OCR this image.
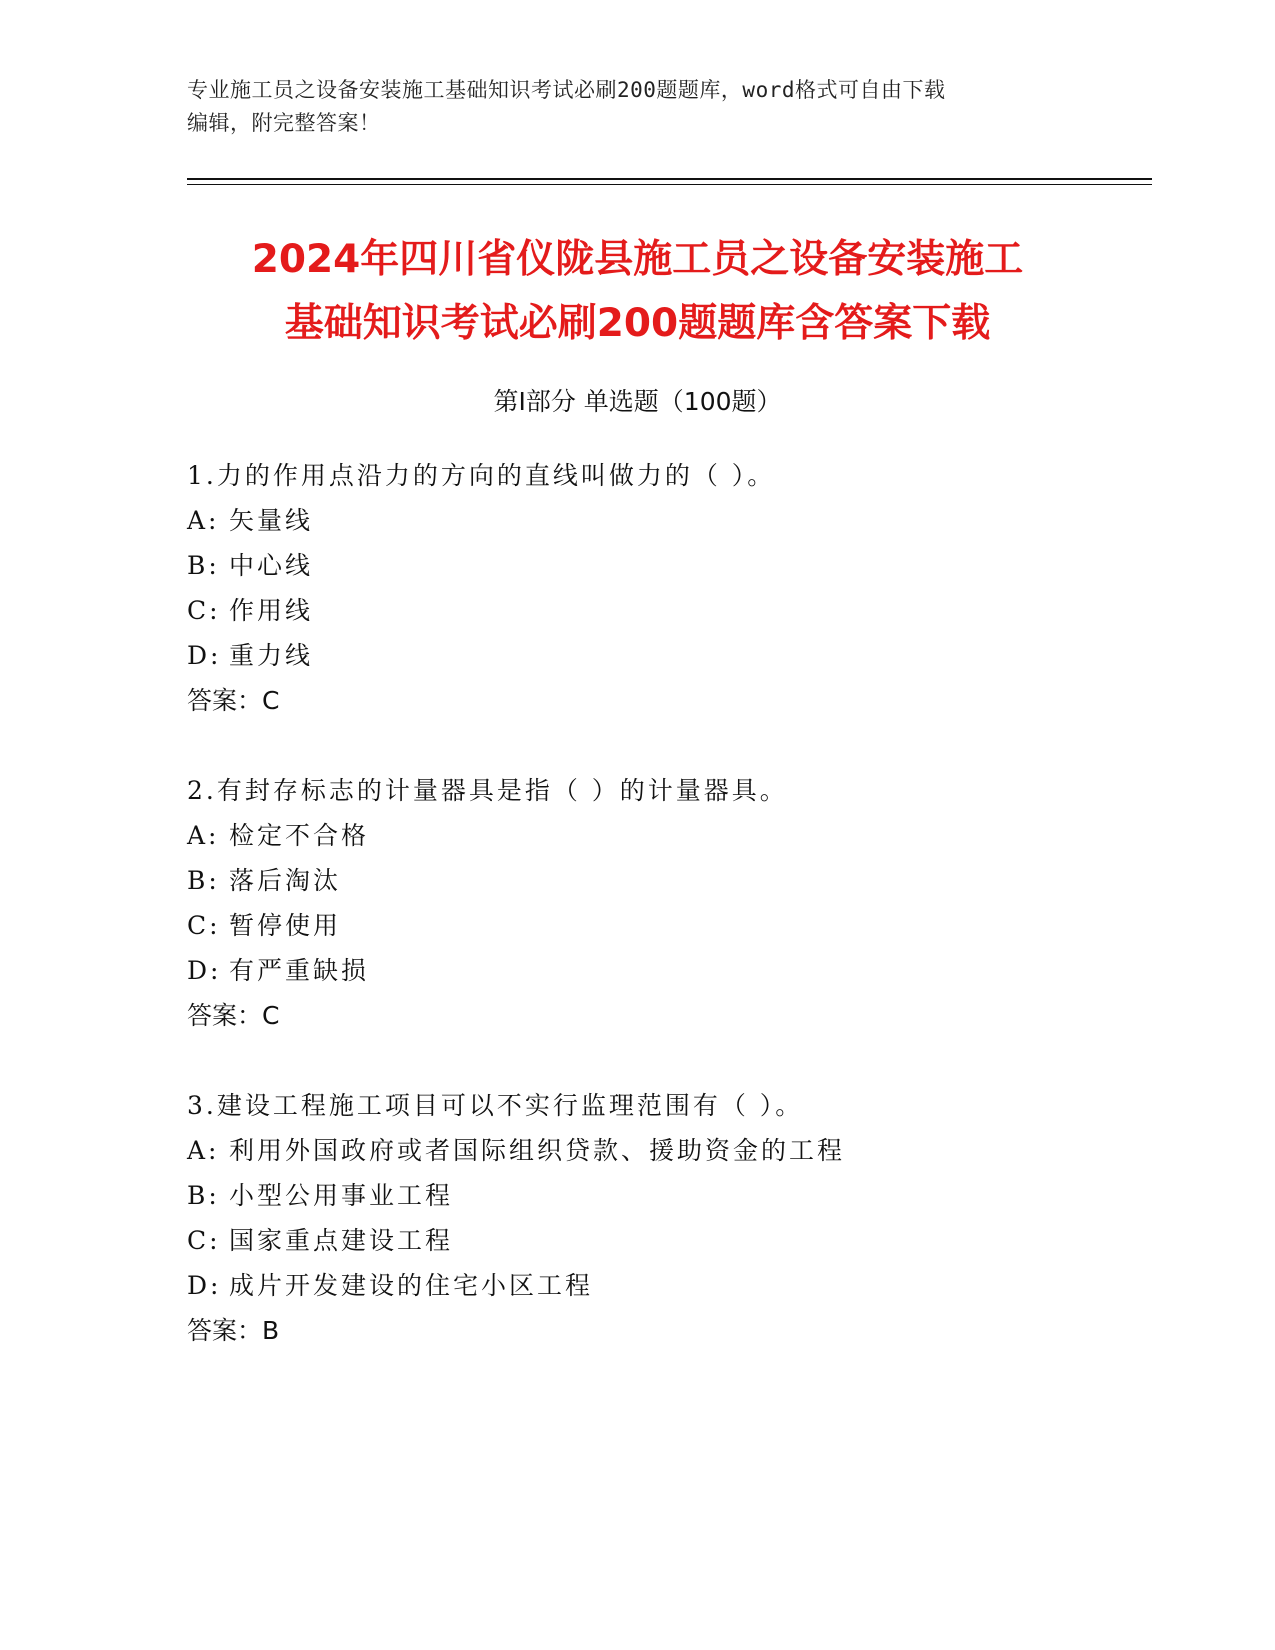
专业施工员之设备安装施工基础知识考试必刷200题题库，word格式可自由下载
编辑，附完整答案！
2024年四川省仪陇县施工员之设备安装施工
基础知识考试必刷200题题库含答案下载
第Ⅰ部分 单选题（100题）
1.力的作用点沿力的方向的直线叫做力的（ ）。
A: 矢量线
B: 中心线
C: 作用线
D: 重力线
答案：C
2.有封存标志的计量器具是指（ ）的计量器具。
A: 检定不合格
B: 落后淘汰
C: 暂停使用
D: 有严重缺损
答案：C
3.建设工程施工项目可以不实行监理范围有（ ）。
A: 利用外国政府或者国际组织贷款、援助资金的工程
B: 小型公用事业工程
C: 国家重点建设工程
D: 成片开发建设的住宅小区工程
答案：B
